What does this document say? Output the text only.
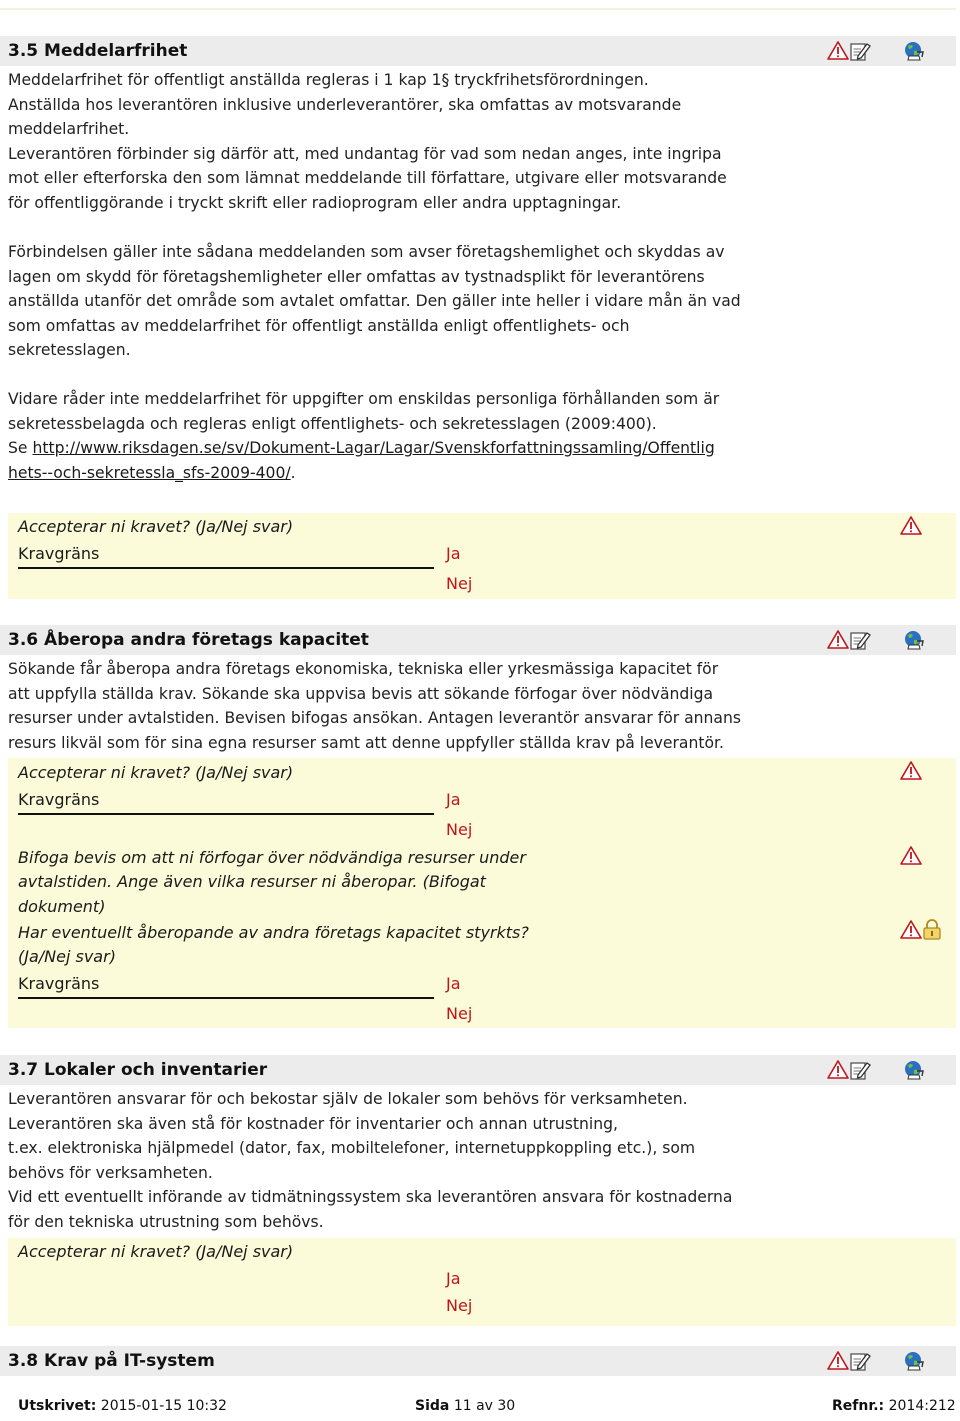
3.5 Meddelarfrihet
Meddelarfrihet för offentligt anställda regleras i 1 kap 1§ tryckfrihetsförordningen.
Anställda hos leverantören inklusive underleverantörer, ska omfattas av motsvarande
meddelarfrihet.
Leverantören förbinder sig därför att, med undantag för vad som nedan anges, inte ingripa
mot eller efterforska den som lämnat meddelande till författare, utgivare eller motsvarande
för offentliggörande i tryckt skrift eller radioprogram eller andra upptagningar.
Förbindelsen gäller inte sådana meddelanden som avser företagshemlighet och skyddas av
lagen om skydd för företagshemligheter eller omfattas av tystnadsplikt för leverantörens
anställda utanför det område som avtalet omfattar. Den gäller inte heller i vidare mån än vad
som omfattas av meddelarfrihet för offentligt anställda enligt offentlighets- och
sekretesslagen.
Vidare råder inte meddelarfrihet för uppgifter om enskildas personliga förhållanden som är
sekretessbelagda och regleras enligt offentlighets- och sekretesslagen (2009:400).
Se http://www.riksdagen.se/sv/Dokument-Lagar/Lagar/Svenskforfattningssamling/Offentlig
hets--och-sekretessla_sfs-2009-400/.
Accepterar ni kravet? (Ja/Nej svar)
Kravgräns	Ja
Nej
3.6 Åberopa andra företags kapacitet
Sökande får åberopa andra företags ekonomiska, tekniska eller yrkesmässiga kapacitet för
att uppfylla ställda krav. Sökande ska uppvisa bevis att sökande förfogar över nödvändiga
resurser under avtalstiden. Bevisen bifogas ansökan. Antagen leverantör ansvarar för annans
resurs likväl som för sina egna resurser samt att denne uppfyller ställda krav på leverantör.
Accepterar ni kravet? (Ja/Nej svar)
Kravgräns	Ja
Nej
Bifoga bevis om att ni förfogar över nödvändiga resurser under
avtalstiden. Ange även vilka resurser ni åberopar. (Bifogat
dokument)
Har eventuellt åberopande av andra företags kapacitet styrkts?
(Ja/Nej svar)
Kravgräns	Ja
Nej
3.7 Lokaler och inventarier
Leverantören ansvarar för och bekostar själv de lokaler som behövs för verksamheten.
Leverantören ska även stå för kostnader för inventarier och annan utrustning,
t.ex. elektroniska hjälpmedel (dator, fax, mobiltelefoner, internetuppkoppling etc.), som
behövs för verksamheten.
Vid ett eventuellt införande av tidmätningssystem ska leverantören ansvara för kostnaderna
för den tekniska utrustning som behövs.
Accepterar ni kravet? (Ja/Nej svar)
Ja
Nej
3.8 Krav på IT-system
Utskrivet: 2015-01-15 10:32	Sida 11 av 30	Refnr.: 2014:212
